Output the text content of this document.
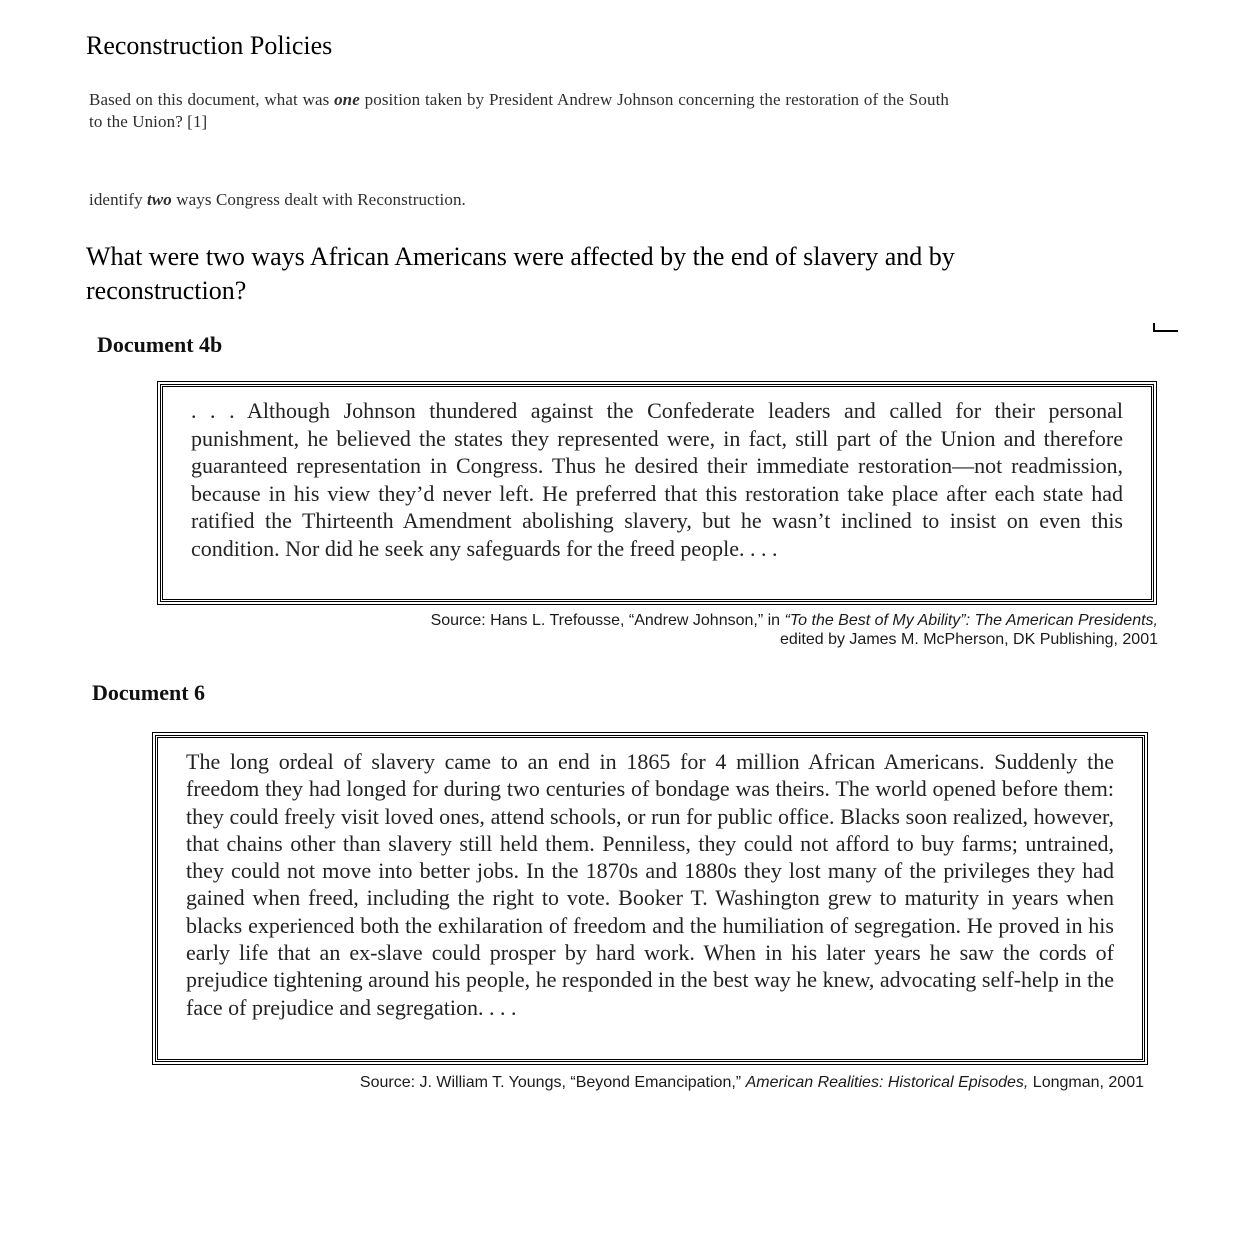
Reconstruction Policies
Based on this document, what was one position taken by President Andrew Johnson concerning the restoration of the South to the Union? [1]
identify two ways Congress dealt with Reconstruction.
What were two ways African Americans were affected by the end of slavery and by reconstruction?
Document 4b
. . . Although Johnson thundered against the Confederate leaders and called for their personal punishment, he believed the states they represented were, in fact, still part of the Union and therefore guaranteed representation in Congress. Thus he desired their immediate restoration—not readmission, because in his view they’d never left. He preferred that this restoration take place after each state had ratified the Thirteenth Amendment abolishing slavery, but he wasn’t inclined to insist on even this condition. Nor did he seek any safeguards for the freed people. . . .
Source: Hans L. Trefousse, “Andrew Johnson,” in “To the Best of My Ability”: The American Presidents,
edited by James M. McPherson, DK Publishing, 2001
Document 6
The long ordeal of slavery came to an end in 1865 for 4 million African Americans. Suddenly the freedom they had longed for during two centuries of bondage was theirs. The world opened before them: they could freely visit loved ones, attend schools, or run for public office. Blacks soon realized, however, that chains other than slavery still held them. Penniless, they could not afford to buy farms; untrained, they could not move into better jobs. In the 1870s and 1880s they lost many of the privileges they had gained when freed, including the right to vote. Booker T. Washington grew to maturity in years when blacks experienced both the exhilaration of freedom and the humiliation of segregation. He proved in his early life that an ex-slave could prosper by hard work. When in his later years he saw the cords of prejudice tightening around his people, he responded in the best way he knew, advocating self-help in the face of prejudice and segregation. . . .
Source: J. William T. Youngs, “Beyond Emancipation,” American Realities: Historical Episodes, Longman, 2001
